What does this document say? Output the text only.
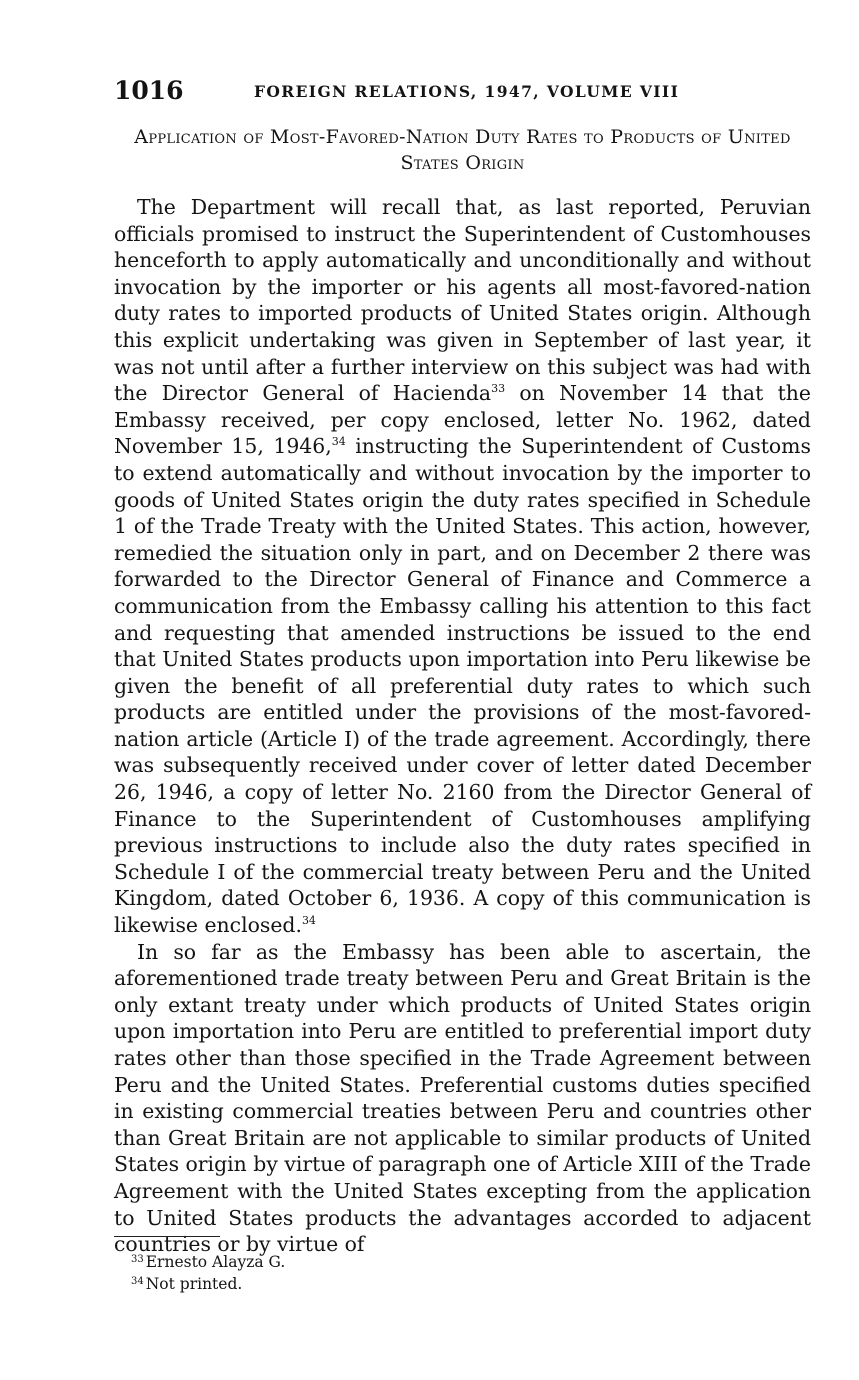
1016	FOREIGN RELATIONS, 1947, VOLUME VIII
Application of Most-Favored-Nation Duty Rates to Products of United States Origin

The Department will recall that, as last reported, Peruvian officials promised to instruct the Superintendent of Customhouses henceforth to apply automatically and unconditionally and without invocation by the importer or his agents all most-favored-nation duty rates to imported products of United States origin. Although this explicit undertaking was given in September of last year, it was not until after a further interview on this subject was had with the Director General of Hacienda$^{33}$ on November 14 that the Embassy received, per copy enclosed, letter No. 1962, dated November 15, 1946,34 instructing the Superintendent of Customs to extend automatically and without invocation by the importer to goods of United States origin the duty rates specified in Schedule 1 of the Trade Treaty with the United States. This action, however, remedied the situation only in part, and on December 2 there was forwarded to the Director General of Finance and Commerce a communication from the Embassy calling his attention to this fact and requesting that amended instructions be issued to the end that United States products upon importation into Peru likewise be given the benefit of all preferential duty rates to which such products are entitled under the provisions of the most-favored-nation article (Article I) of the trade agreement. Accordingly, there was subsequently received under cover of letter dated December 26, 1946, a copy of letter No. 2160 from the Director General of Finance to the Superintendent of Customhouses amplifying previous instructions to include also the duty rates specified in Schedule I of the commercial treaty between Peru and the United Kingdom, dated October 6, 1936. A copy of this communication is likewise enclosed.$^{34}$

In so far as the Embassy has been able to ascertain, the aforementioned trade treaty between Peru and Great Britain is the only extant treaty under which products of United States origin upon importation into Peru are entitled to preferential import duty rates other than those specified in the Trade Agreement between Peru and the United States. Preferential customs duties specified in existing commercial treaties between Peru and countries other than Great Britain are not applicable to similar products of United States origin by virtue of paragraph one of Article XIII of the Trade Agreement with the United States excepting from the application to United States products the advantages accorded to adjacent countries or by virtue of

$^{33}$ Ernesto Alayza G.
$^{34}$ Not printed.
